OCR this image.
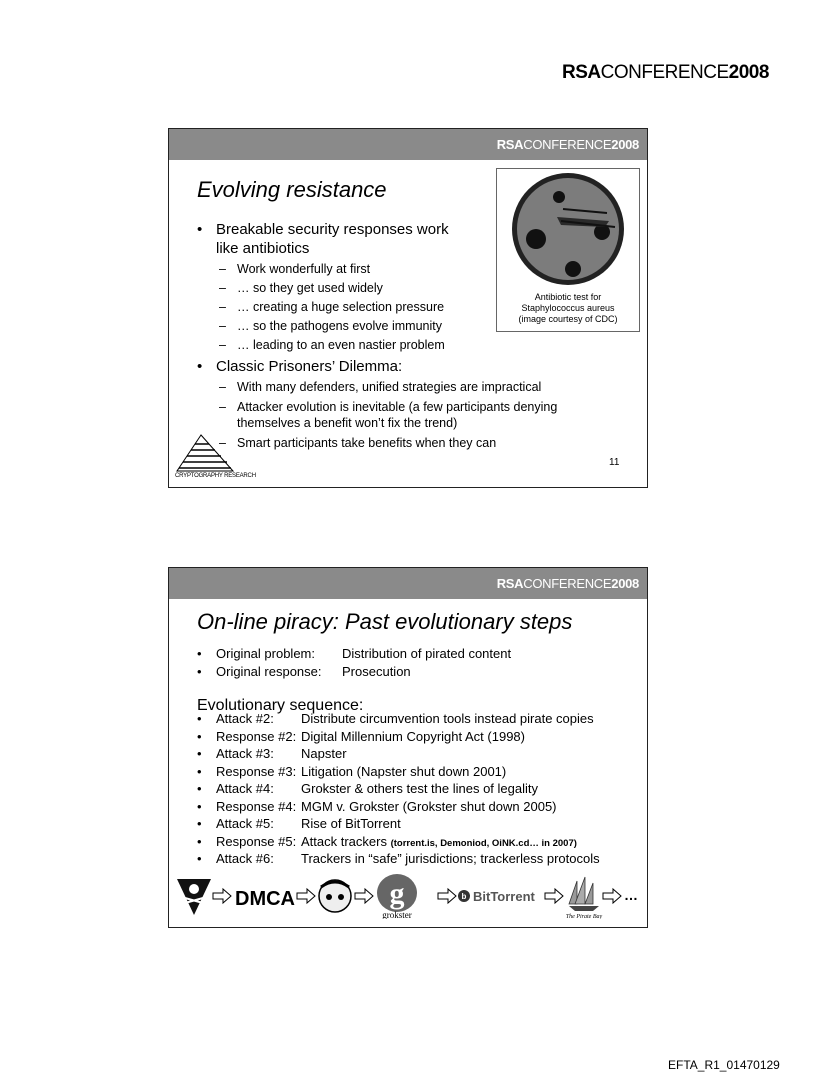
RSACONFERENCE2008
RSACONFERENCE2008
Evolving resistance
• Breakable security responses work
like antibiotics
– Work wonderfully at first
– … so they get used widely
– … creating a huge selection pressure
– … so the pathogens evolve immunity
– … leading to an even nastier problem
• Classic Prisoners’ Dilemma:
– With many defenders, unified strategies are impractical
– Attacker evolution is inevitable (a few participants denying
themselves a benefit won’t fix the trend)
– Smart participants take benefits when they can
Antibiotic test for
Staphylococcus aureus
(image courtesy of CDC)
CRYPTOGRAPHY RESEARCH
11
RSACONFERENCE2008
On-line piracy: Past evolutionary steps
• Original problem: Distribution of pirated content
• Original response: Prosecution
Evolutionary sequence:
• Attack #2: Distribute circumvention tools instead pirate copies
• Response #2: Digital Millennium Copyright Act (1998)
• Attack #3: Napster
• Response #3: Litigation (Napster shut down 2001)
• Attack #4: Grokster & others test the lines of legality
• Response #4: MGM v. Grokster (Grokster shut down 2005)
• Attack #5: Rise of BitTorrent
• Response #5: Attack trackers (torrent.is, Demoniod, OiNK.cd… in 2007)
• Attack #6: Trackers in “safe” jurisdictions; trackerless protocols
DMCA	g
grokster
b BitTorrent
The Pirate Bay
…
EFTA_R1_01470129
